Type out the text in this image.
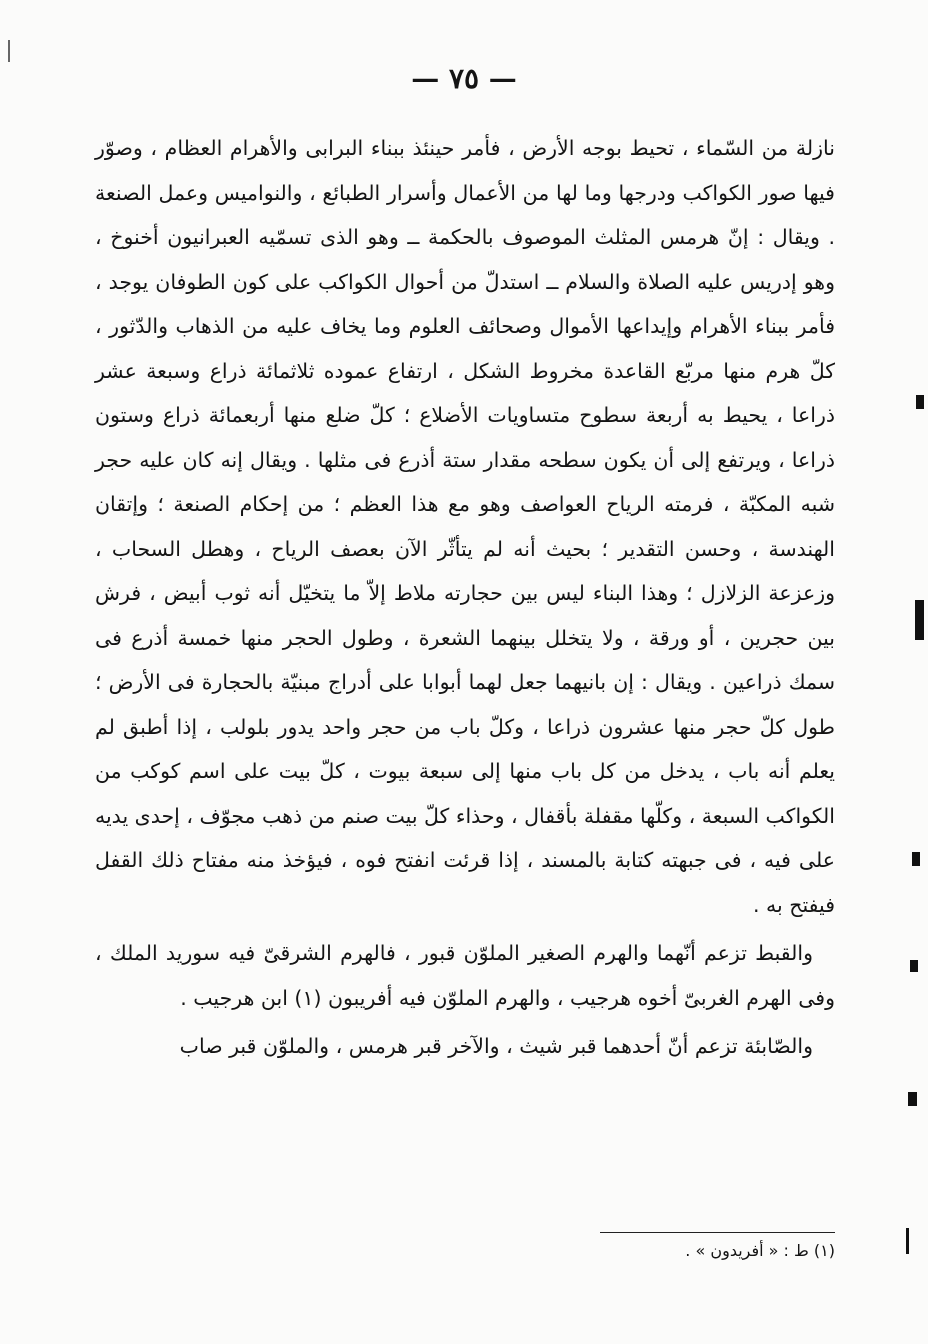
— ٧٥ —

نازلة من السّماء ، تحيط بوجه الأرض ، فأمر حينئذ ببناء البرابى والأهرام العظام ، وصوّر فيها صور الكواكب ودرجها وما لها من الأعمال وأسرار الطبائع ، والنواميس وعمل الصنعة . ويقال : إنّ هرمس المثلث الموصوف بالحكمة ــ وهو الذى تسمّيه العبرانيون أخنوخ ، وهو إدريس عليه الصلاة والسلام ــ استدلّ من أحوال الكواكب على كون الطوفان يوجد ، فأمر ببناء الأهرام وإيداعها الأموال وصحائف العلوم وما يخاف عليه من الذهاب والدّثور ، كلّ هرم منها مربّع القاعدة مخروط الشكل ، ارتفاع عموده ثلاثمائة ذراع وسبعة عشر ذراعا ، يحيط به أربعة سطوح متساويات الأضلاع ؛ كلّ ضلع منها أربعمائة ذراع وستون ذراعا ، ويرتفع إلى أن يكون سطحه مقدار ستة أذرع فى مثلها . ويقال إنه كان عليه حجر شبه المكبّة ، فرمته الرياح العواصف وهو مع هذا العظم ؛ من إحكام الصنعة ؛ وإتقان الهندسة ، وحسن التقدير ؛ بحيث أنه لم يتأثّر الآن بعصف الرياح ، وهطل السحاب ، وزعزعة الزلازل ؛ وهذا البناء ليس بين حجارته ملاط إلاّ ما يتخيّل أنه ثوب أبيض ، فرش بين حجرين ، أو ورقة ، ولا يتخلل بينهما الشعرة ، وطول الحجر منها خمسة أذرع فى سمك ذراعين . ويقال : إن بانيهما جعل لهما أبوابا على أدراج مبنيّة بالحجارة فى الأرض ؛ طول كلّ حجر منها عشرون ذراعا ، وكلّ باب من حجر واحد يدور بلولب ، إذا أطبق لم يعلم أنه باب ، يدخل من كل باب منها إلى سبعة بيوت ، كلّ بيت على اسم كوكب من الكواكب السبعة ، وكلّها مقفلة بأقفال ، وحذاء كلّ بيت صنم من ذهب مجوّف ، إحدى يديه على فيه ، فى جبهته كتابة بالمسند ، إذا قرئت انفتح فوه ، فيؤخذ منه مفتاح ذلك القفل فيفتح به .

والقبط تزعم أنّهما والهرم الصغير الملوّن قبور ، فالهرم الشرقىّ فيه سوريد الملك ، وفى الهرم الغربىّ أخوه هرجيب ، والهرم الملوّن فيه أفريبون (١) ابن هرجيب .

والصّابئة تزعم أنّ أحدهما قبر شيث ، والآخر قبر هرمس ، والملوّن قبر صاب

(١) ط : « أفريدون » .
